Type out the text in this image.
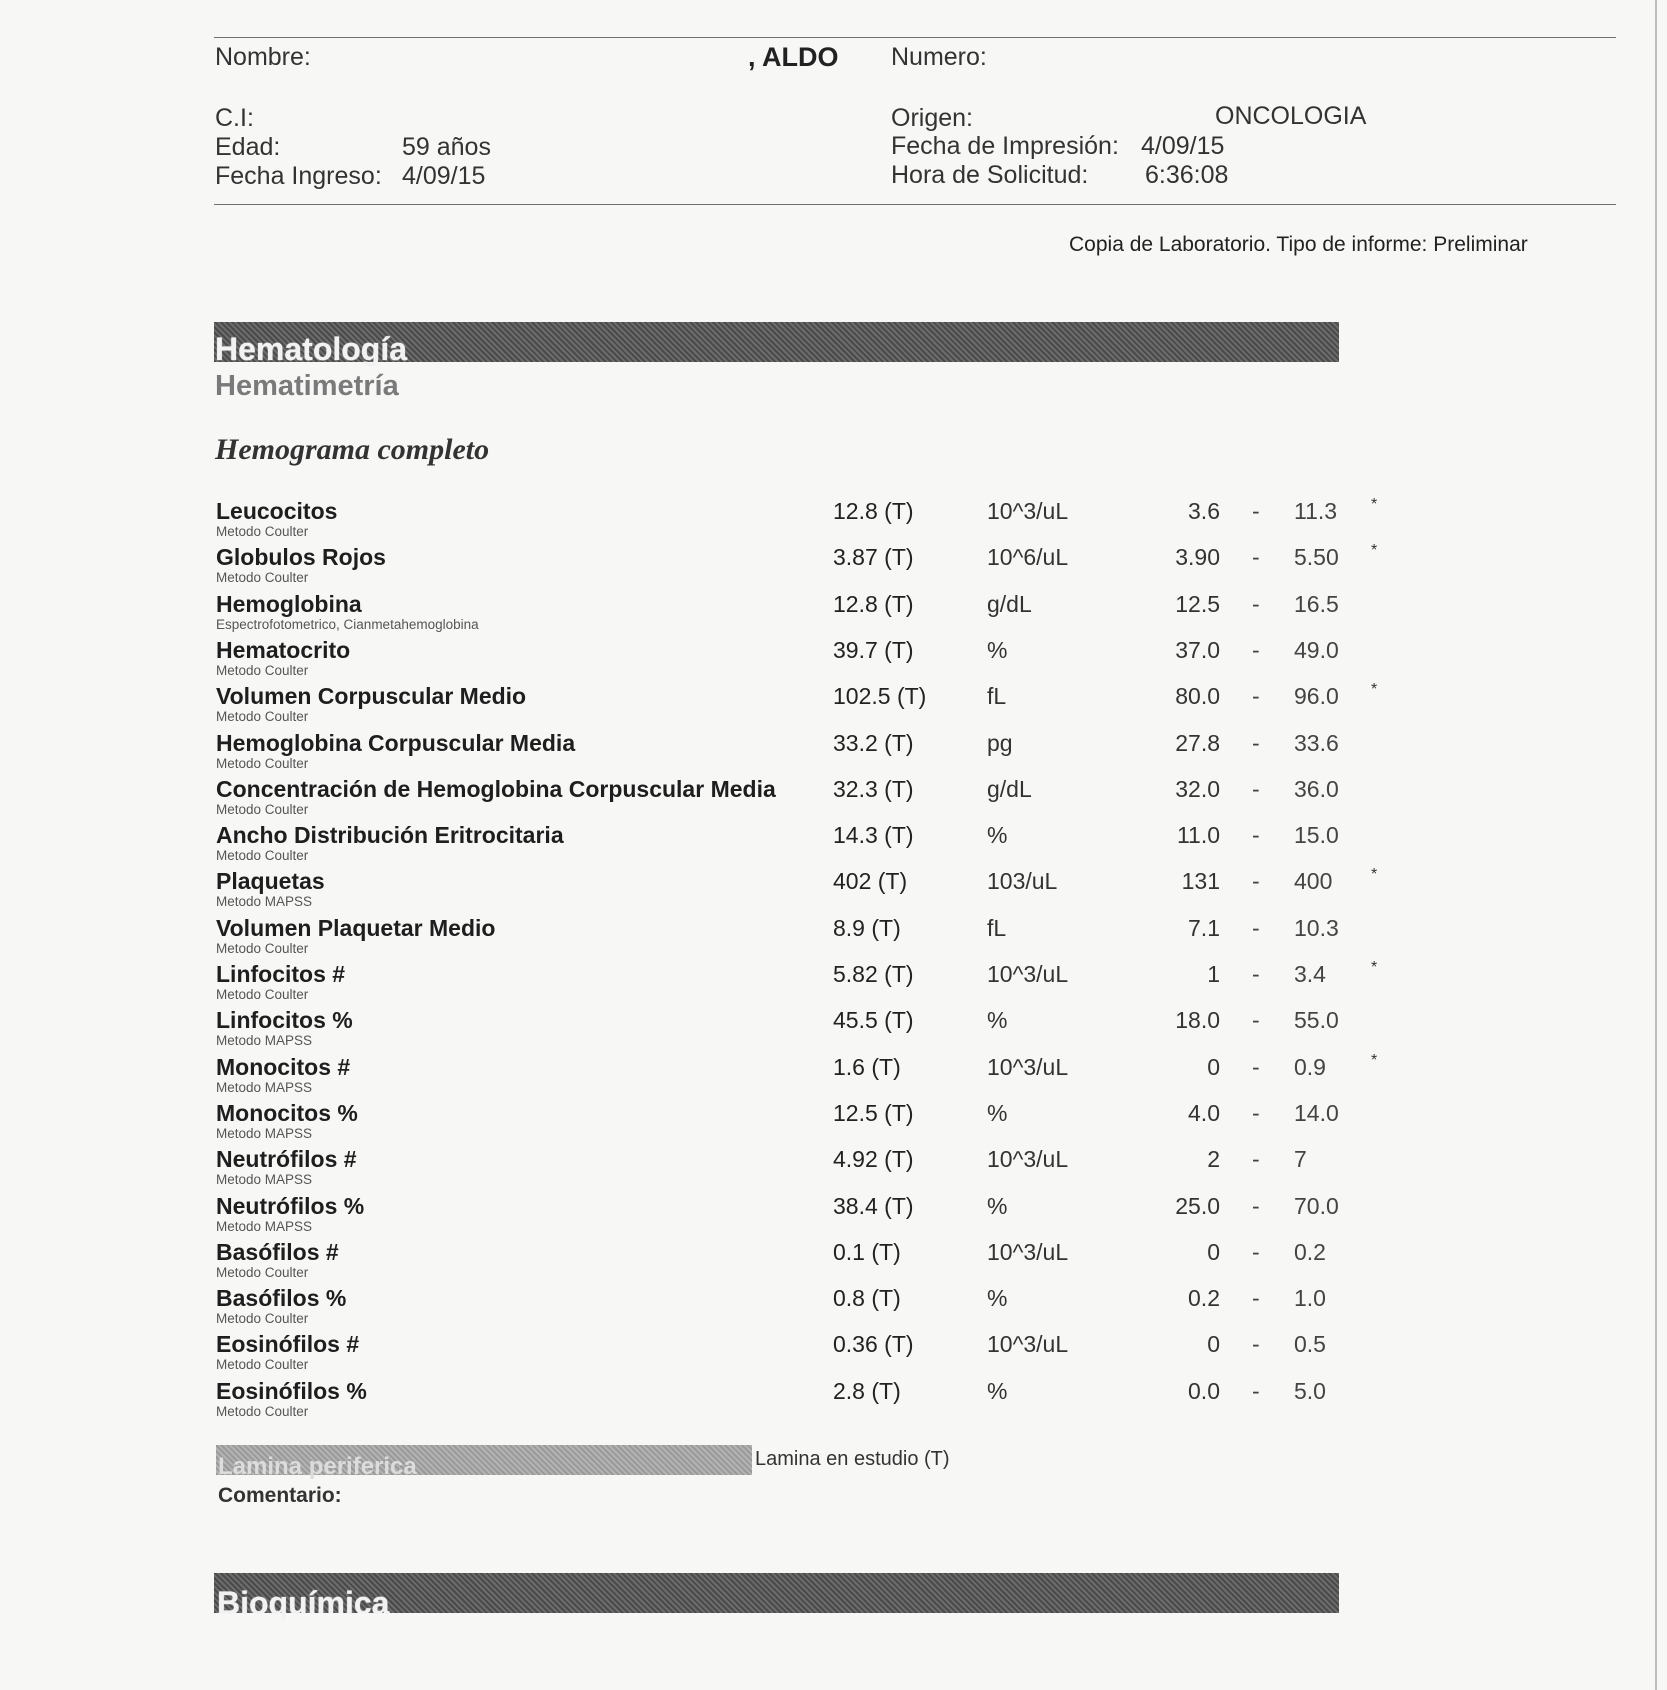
Nombre:	, ALDO Numero:
C.I:
Edad:	59 años
Fecha Ingreso: 4/09/15
Origen:	ONCOLOGIA
Fecha de Impresión: 4/09/15
Hora de Solicitud: 6:36:08
Copia de Laboratorio. Tipo de informe: Preliminar
Hematología
Hematimetría
Hemograma completo
Leucocitos
Metodo Coulter
12.8 (T)	10^3/uL	3.6 - 11.3 *
Globulos Rojos
Metodo Coulter
3.87 (T)	10^6/uL	3.90 - 5.50 *
Hemoglobina
Espectrofotometrico, Cianmetahemoglobina
12.8 (T)	g/dL	12.5 - 16.5
Hematocrito
Metodo Coulter
39.7 (T)	%	37.0 - 49.0
Volumen Corpuscular Medio
Metodo Coulter
102.5 (T)	fL	80.0 - 96.0 *
Hemoglobina Corpuscular Media
Metodo Coulter
33.2 (T)	pg	27.8 - 33.6
Concentración de Hemoglobina Corpuscular Media
Metodo Coulter
32.3 (T)	g/dL	32.0 - 36.0
Ancho Distribución Eritrocitaria
Metodo Coulter
14.3 (T)	%	11.0 - 15.0
Plaquetas
Metodo MAPSS
402 (T)	103/uL	131 - 400 *
Volumen Plaquetar Medio
Metodo Coulter
8.9 (T)	fL	7.1 - 10.3
Linfocitos #
Metodo Coulter
5.82 (T)	10^3/uL	1 - 3.4	*
Linfocitos %
Metodo MAPSS
45.5 (T)	%	18.0 - 55.0
Monocitos #
Metodo MAPSS
1.6 (T)	10^3/uL	0 - 0.9	*
Monocitos %
Metodo MAPSS
12.5 (T)	%	4.0 - 14.0
Neutrófilos #
Metodo MAPSS
4.92 (T)	10^3/uL	2 - 7
Neutrófilos %
Metodo MAPSS
38.4 (T)	%	25.0 - 70.0
Basófilos #
Metodo Coulter
0.1 (T)	10^3/uL	0 - 0.2
Basófilos %
Metodo Coulter
0.8 (T)	%	0.2 - 1.0
Eosinófilos #
Metodo Coulter
0.36 (T)	10^3/uL	0 - 0.5
Eosinófilos %
Metodo Coulter
2.8 (T)	%	0.0 - 5.0
Lamina periferica	Lamina en estudio (T)
Comentario:
Bioquímica
